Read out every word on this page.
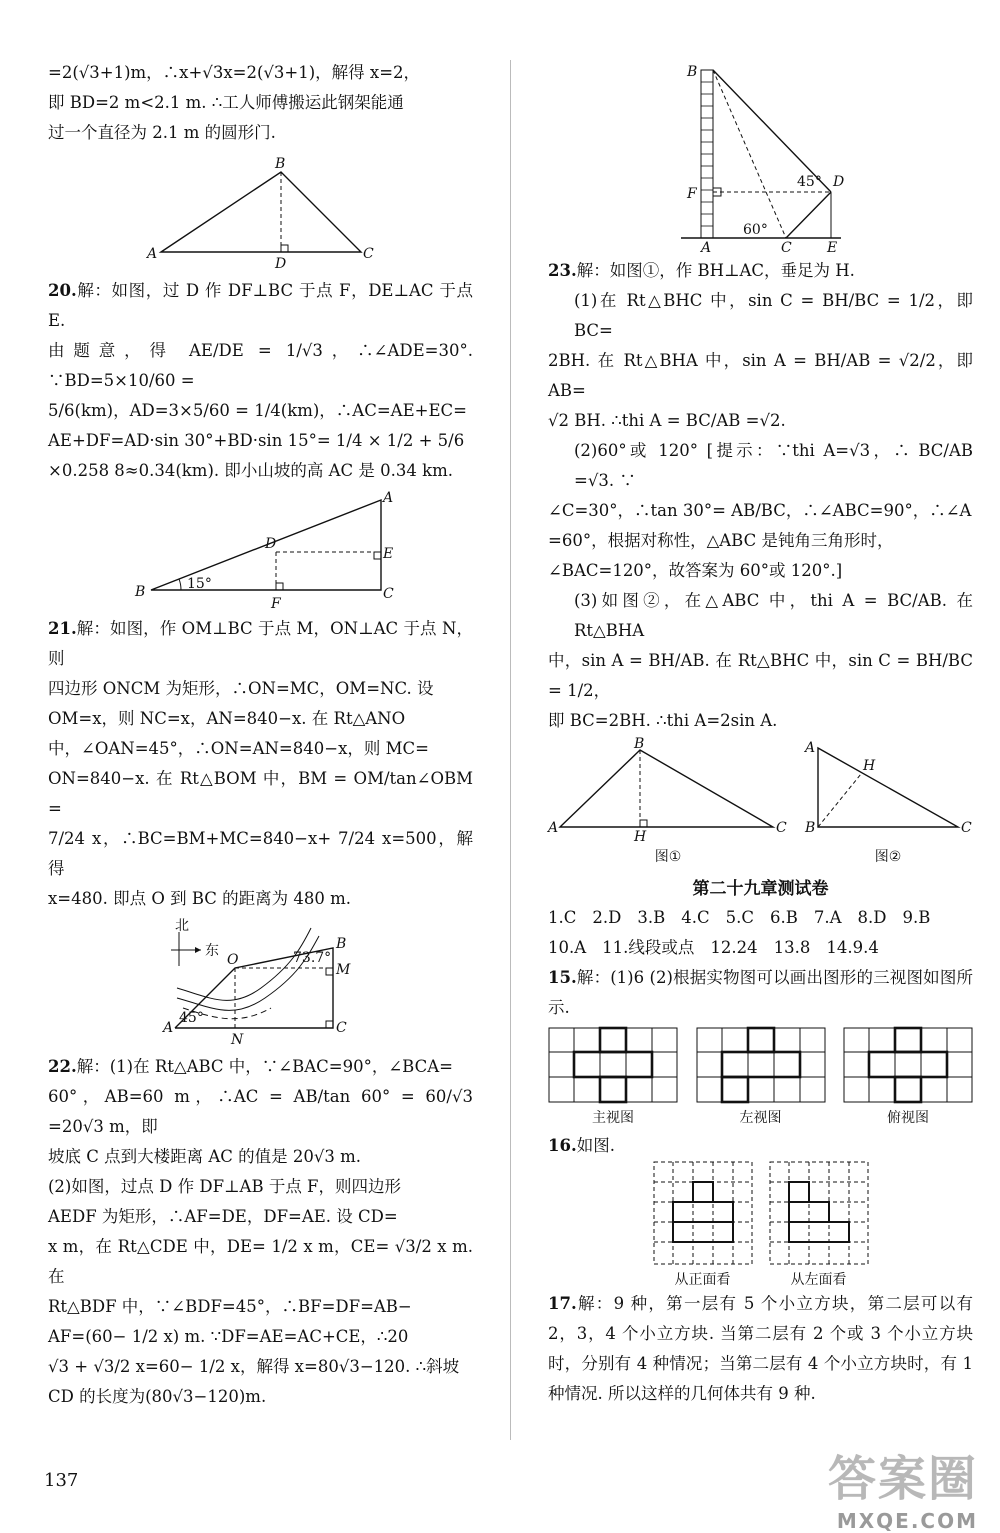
=2(√3+1)m，∴x+√3x=2(√3+1)，解得 x=2，

即 BD=2 m<2.1 m. ∴工人师傅搬运此钢架能通

过一个直径为 2.1 m 的圆形门.

A
B
C
D

20.解：如图，过 D 作 DF⊥BC 于点 F，DE⊥AC 于点 E.

由题意，得 AE/DE = 1/√3，∴∠ADE=30°. ∵BD=5×10/60 =

5/6(km)，AD=3×5/60 = 1/4(km)，∴AC=AE+EC=

AE+DF=AD·sin 30°+BD·sin 15°= 1/4 × 1/2 + 5/6

×0.258 8≈0.34(km). 即小山坡的高 AC 是 0.34 km.

A
B	C
D
E
F
15°

21.解：如图，作 OM⊥BC 于点 M，ON⊥AC 于点 N，则

四边形 ONCM 为矩形，∴ON=MC，OM=NC. 设

OM=x，则 NC=x，AN=840−x. 在 Rt△ANO

中，∠OAN=45°，∴ON=AN=840−x，则 MC=

ON=840−x. 在 Rt△BOM 中，BM = OM/tan∠OBM =

7/24 x，∴BC=BM+MC=840−x+ 7/24 x=500，解得

x=480. 即点 O 到 BC 的距离为 480 m.

北
东
O
B
M
A
N
C
73.7°
45°

22.解：(1)在 Rt△ABC 中，∵∠BAC=90°，∠BCA=

60°，AB=60 m，∴AC = AB/tan 60° = 60/√3 =20√3 m，即

坡底 C 点到大楼距离 AC 的值是 20√3 m.

(2)如图，过点 D 作 DF⊥AB 于点 F，则四边形

AEDF 为矩形，∴AF=DE，DF=AE. 设 CD=

x m，在 Rt△CDE 中，DE= 1/2 x m，CE= √3/2 x m. 在

Rt△BDF 中，∵∠BDF=45°，∴BF=DF=AB−

AF=(60− 1/2 x) m. ∵DF=AE=AC+CE，∴20

√3 + √3/2 x=60− 1/2 x，解得 x=80√3−120. ∴斜坡

CD 的长度为(80√3−120)m.

B
F
A	C	E
D
45°
60°

23.解：如图①，作 BH⊥AC，垂足为 H.

(1)在 Rt△BHC 中，sin C = BH/BC = 1/2，即 BC=

2BH. 在 Rt△BHA 中，sin A = BH/AB = √2/2，即 AB=

√2 BH. ∴thi A = BC/AB =√2.

(2)60°或 120° [提示：∵thi A=√3，∴ BC/AB =√3. ∵

∠C=30°，∴tan 30°= AB/BC，∴∠ABC=90°，∴∠A

=60°，根据对称性，△ABC 是钝角三角形时，

∠BAC=120°，故答案为 60°或 120°.]

(3)如图②，在△ABC 中，thi A = BC/AB. 在 Rt△BHA

中，sin A = BH/AB. 在 Rt△BHC 中，sin C = BH/BC = 1/2，

即 BC=2BH. ∴thi A=2sin A.

A
B
C
H
图①
A
B	C
H
图②
第二十九章测试卷
1.C 2.D 3.B 4.C 5.C 6.B 7.A 8.D 9.B
10.A 11.线段或点 12.24 13.8 14.9.4

15.解：(1)6 (2)根据实物图可以画出图形的三视图如图所示.

主视图	左视图	俯视图

16.如图.

从正面看	从左面看

17.解：9 种，第一层有 5 个小立方块，第二层可以有 2，3，4 个小立方块. 当第二层有 2 个或 3 个小立方块时，分别有 4 种情况；当第二层有 4 个小立方块时，有 1 种情况. 所以这样的几何体共有 9 种.

137	答案圈
MXQE.COM
